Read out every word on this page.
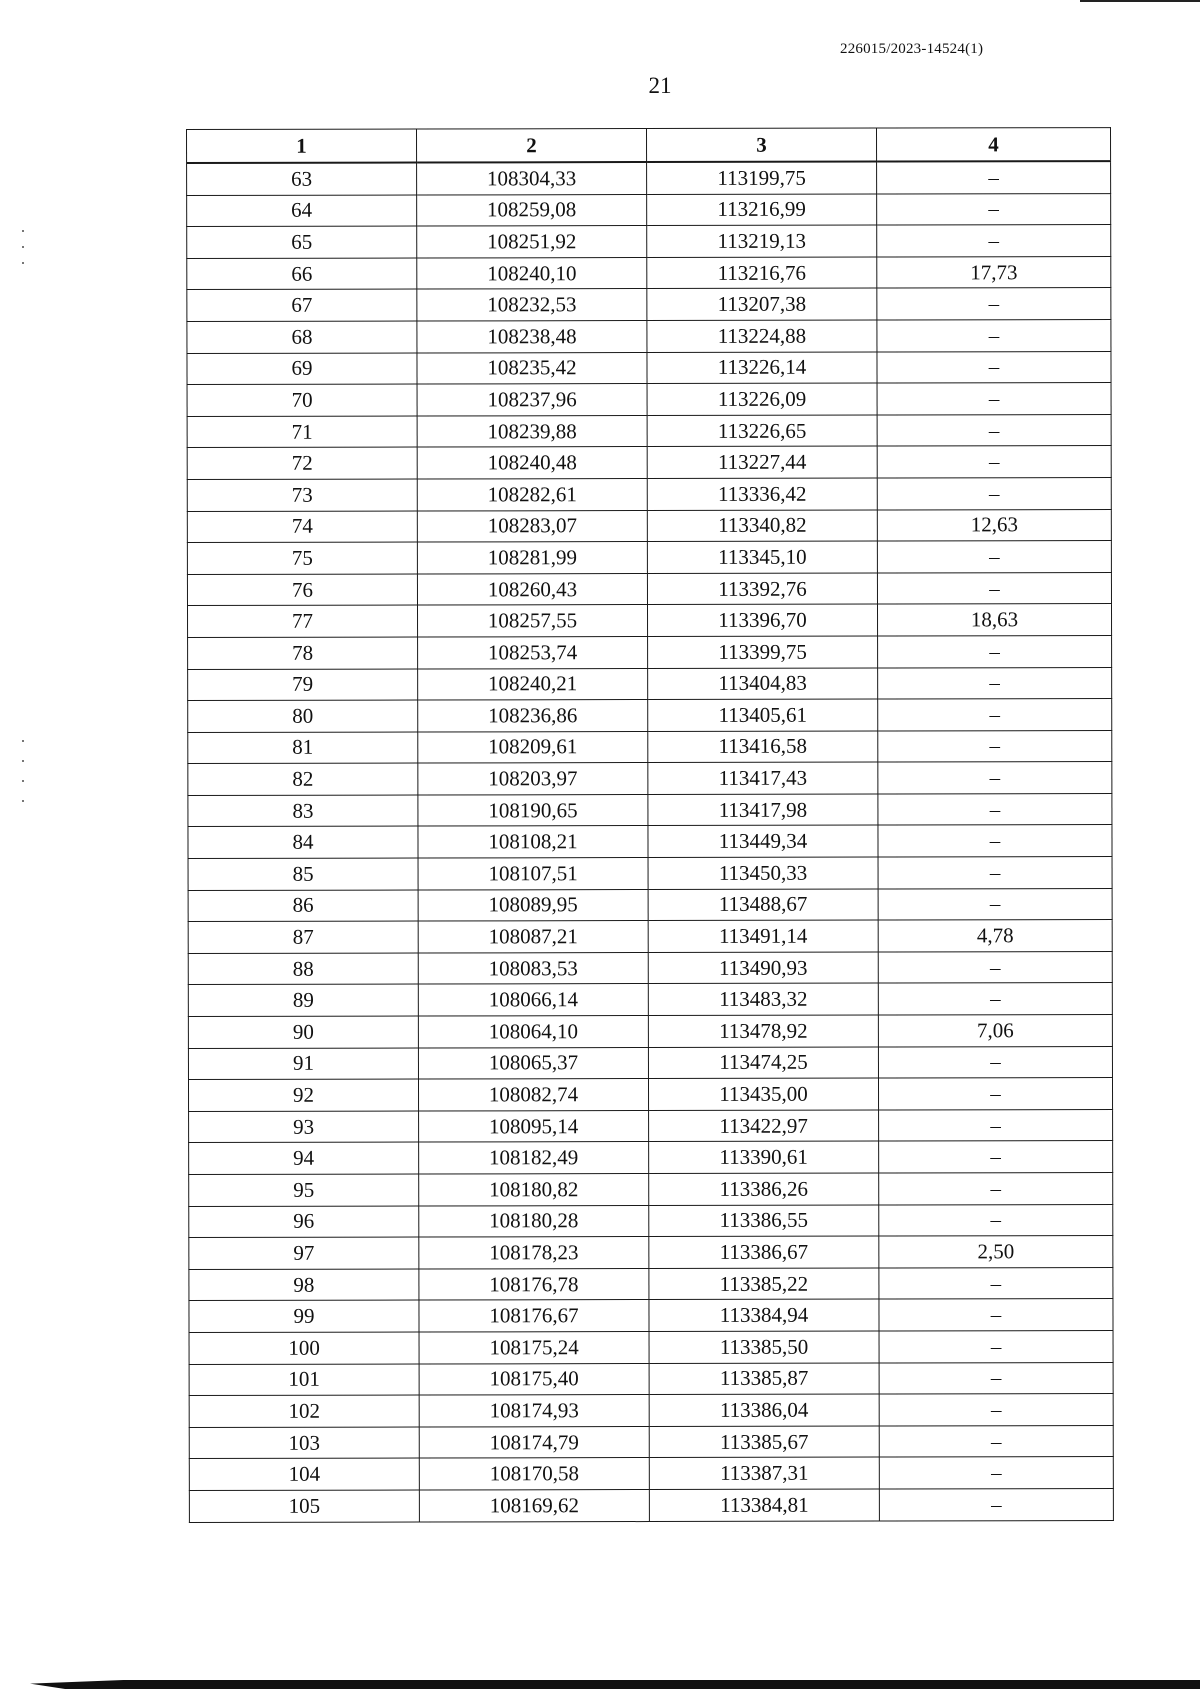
226015/2023-14524(1)
21
1	2	3	4
63	108304,33	113199,75	–
64	108259,08	113216,99	–
65	108251,92	113219,13	–
66	108240,10	113216,76	17,73
67	108232,53	113207,38	–
68	108238,48	113224,88	–
69	108235,42	113226,14	–
70	108237,96	113226,09	–
71	108239,88	113226,65	–
72	108240,48	113227,44	–
73	108282,61	113336,42	–
74	108283,07	113340,82	12,63
75	108281,99	113345,10	–
76	108260,43	113392,76	–
77	108257,55	113396,70	18,63
78	108253,74	113399,75	–
79	108240,21	113404,83	–
80	108236,86	113405,61	–
81	108209,61	113416,58	–
82	108203,97	113417,43	–
83	108190,65	113417,98	–
84	108108,21	113449,34	–
85	108107,51	113450,33	–
86	108089,95	113488,67	–
87	108087,21	113491,14	4,78
88	108083,53	113490,93	–
89	108066,14	113483,32	–
90	108064,10	113478,92	7,06
91	108065,37	113474,25	–
92	108082,74	113435,00	–
93	108095,14	113422,97	–
94	108182,49	113390,61	–
95	108180,82	113386,26	–
96	108180,28	113386,55	–
97	108178,23	113386,67	2,50
98	108176,78	113385,22	–
99	108176,67	113384,94	–
100	108175,24	113385,50	–
101	108175,40	113385,87	–
102	108174,93	113386,04	–
103	108174,79	113385,67	–
104	108170,58	113387,31	–
105	108169,62	113384,81	–
